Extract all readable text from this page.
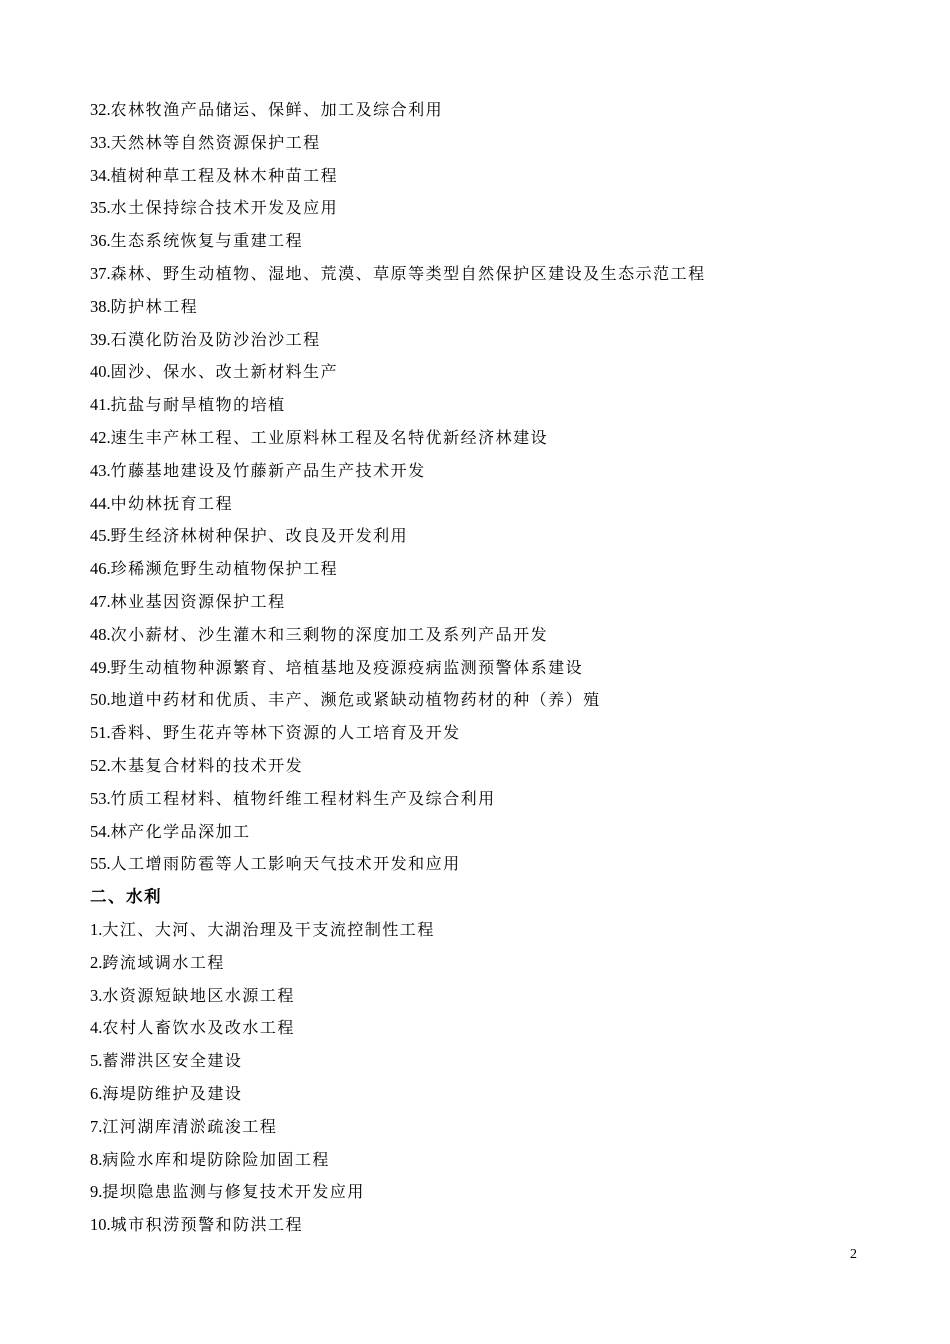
32.农林牧渔产品储运、保鲜、加工及综合利用
33.天然林等自然资源保护工程
34.植树种草工程及林木种苗工程
35.水土保持综合技术开发及应用
36.生态系统恢复与重建工程
37.森林、野生动植物、湿地、荒漠、草原等类型自然保护区建设及生态示范工程
38.防护林工程
39.石漠化防治及防沙治沙工程
40.固沙、保水、改土新材料生产
41.抗盐与耐旱植物的培植
42.速生丰产林工程、工业原料林工程及名特优新经济林建设
43.竹藤基地建设及竹藤新产品生产技术开发
44.中幼林抚育工程
45.野生经济林树种保护、改良及开发利用
46.珍稀濒危野生动植物保护工程
47.林业基因资源保护工程
48.次小薪材、沙生灌木和三剩物的深度加工及系列产品开发
49.野生动植物种源繁育、培植基地及疫源疫病监测预警体系建设
50.地道中药材和优质、丰产、濒危或紧缺动植物药材的种（养）殖
51.香料、野生花卉等林下资源的人工培育及开发
52.木基复合材料的技术开发
53.竹质工程材料、植物纤维工程材料生产及综合利用
54.林产化学品深加工
55.人工增雨防雹等人工影响天气技术开发和应用
二、水利
1.大江、大河、大湖治理及干支流控制性工程
2.跨流域调水工程
3.水资源短缺地区水源工程
4.农村人畜饮水及改水工程
5.蓄滞洪区安全建设
6.海堤防维护及建设
7.江河湖库清淤疏浚工程
8.病险水库和堤防除险加固工程
9.提坝隐患监测与修复技术开发应用
10.城市积涝预警和防洪工程
2
